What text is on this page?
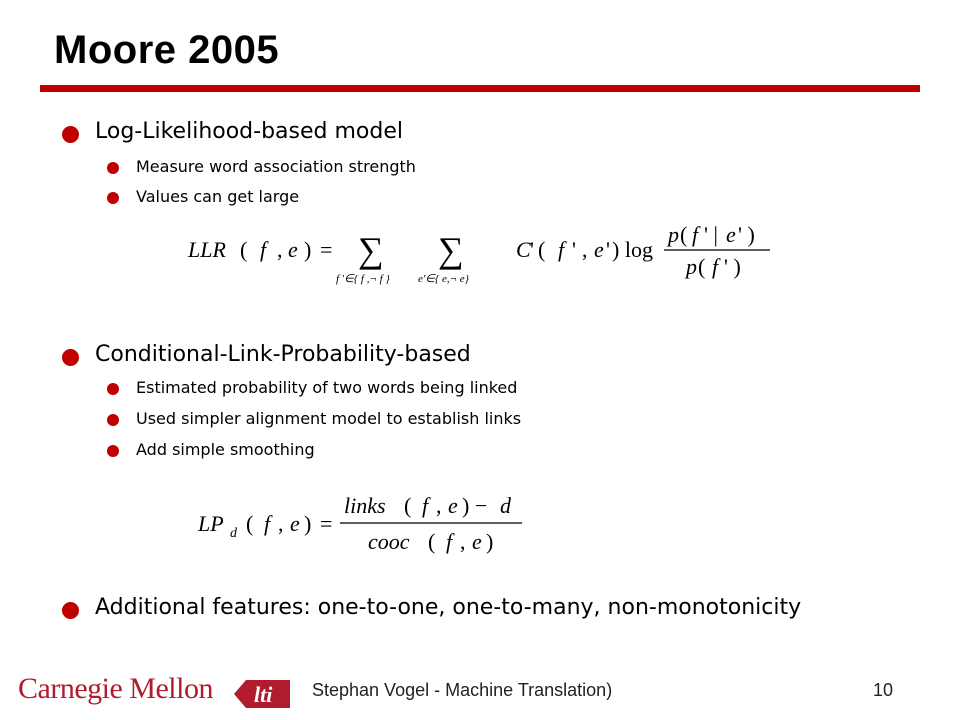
Moore 2005
Log-Likelihood-based model
Measure word association strength
Values can get large
LLR ( f , e ) = ∑
f '∈{ f ,¬ f }
∑
e'∈{ e,¬ e}
C ' ( f ' , e ' ) log
p ( f ' | e ' )
p ( f ' )
Conditional-Link-Probability-based
Estimated probability of two words being linked
Used simpler alignment model to establish links
Add simple smoothing
LP d ( f , e ) =
links ( f , e ) − d
cooc ( f , e )
Additional features: one-to-one, one-to-many, non-monotonicity
Carnegie Mellon lti Stephan Vogel - Machine Translation)	10
